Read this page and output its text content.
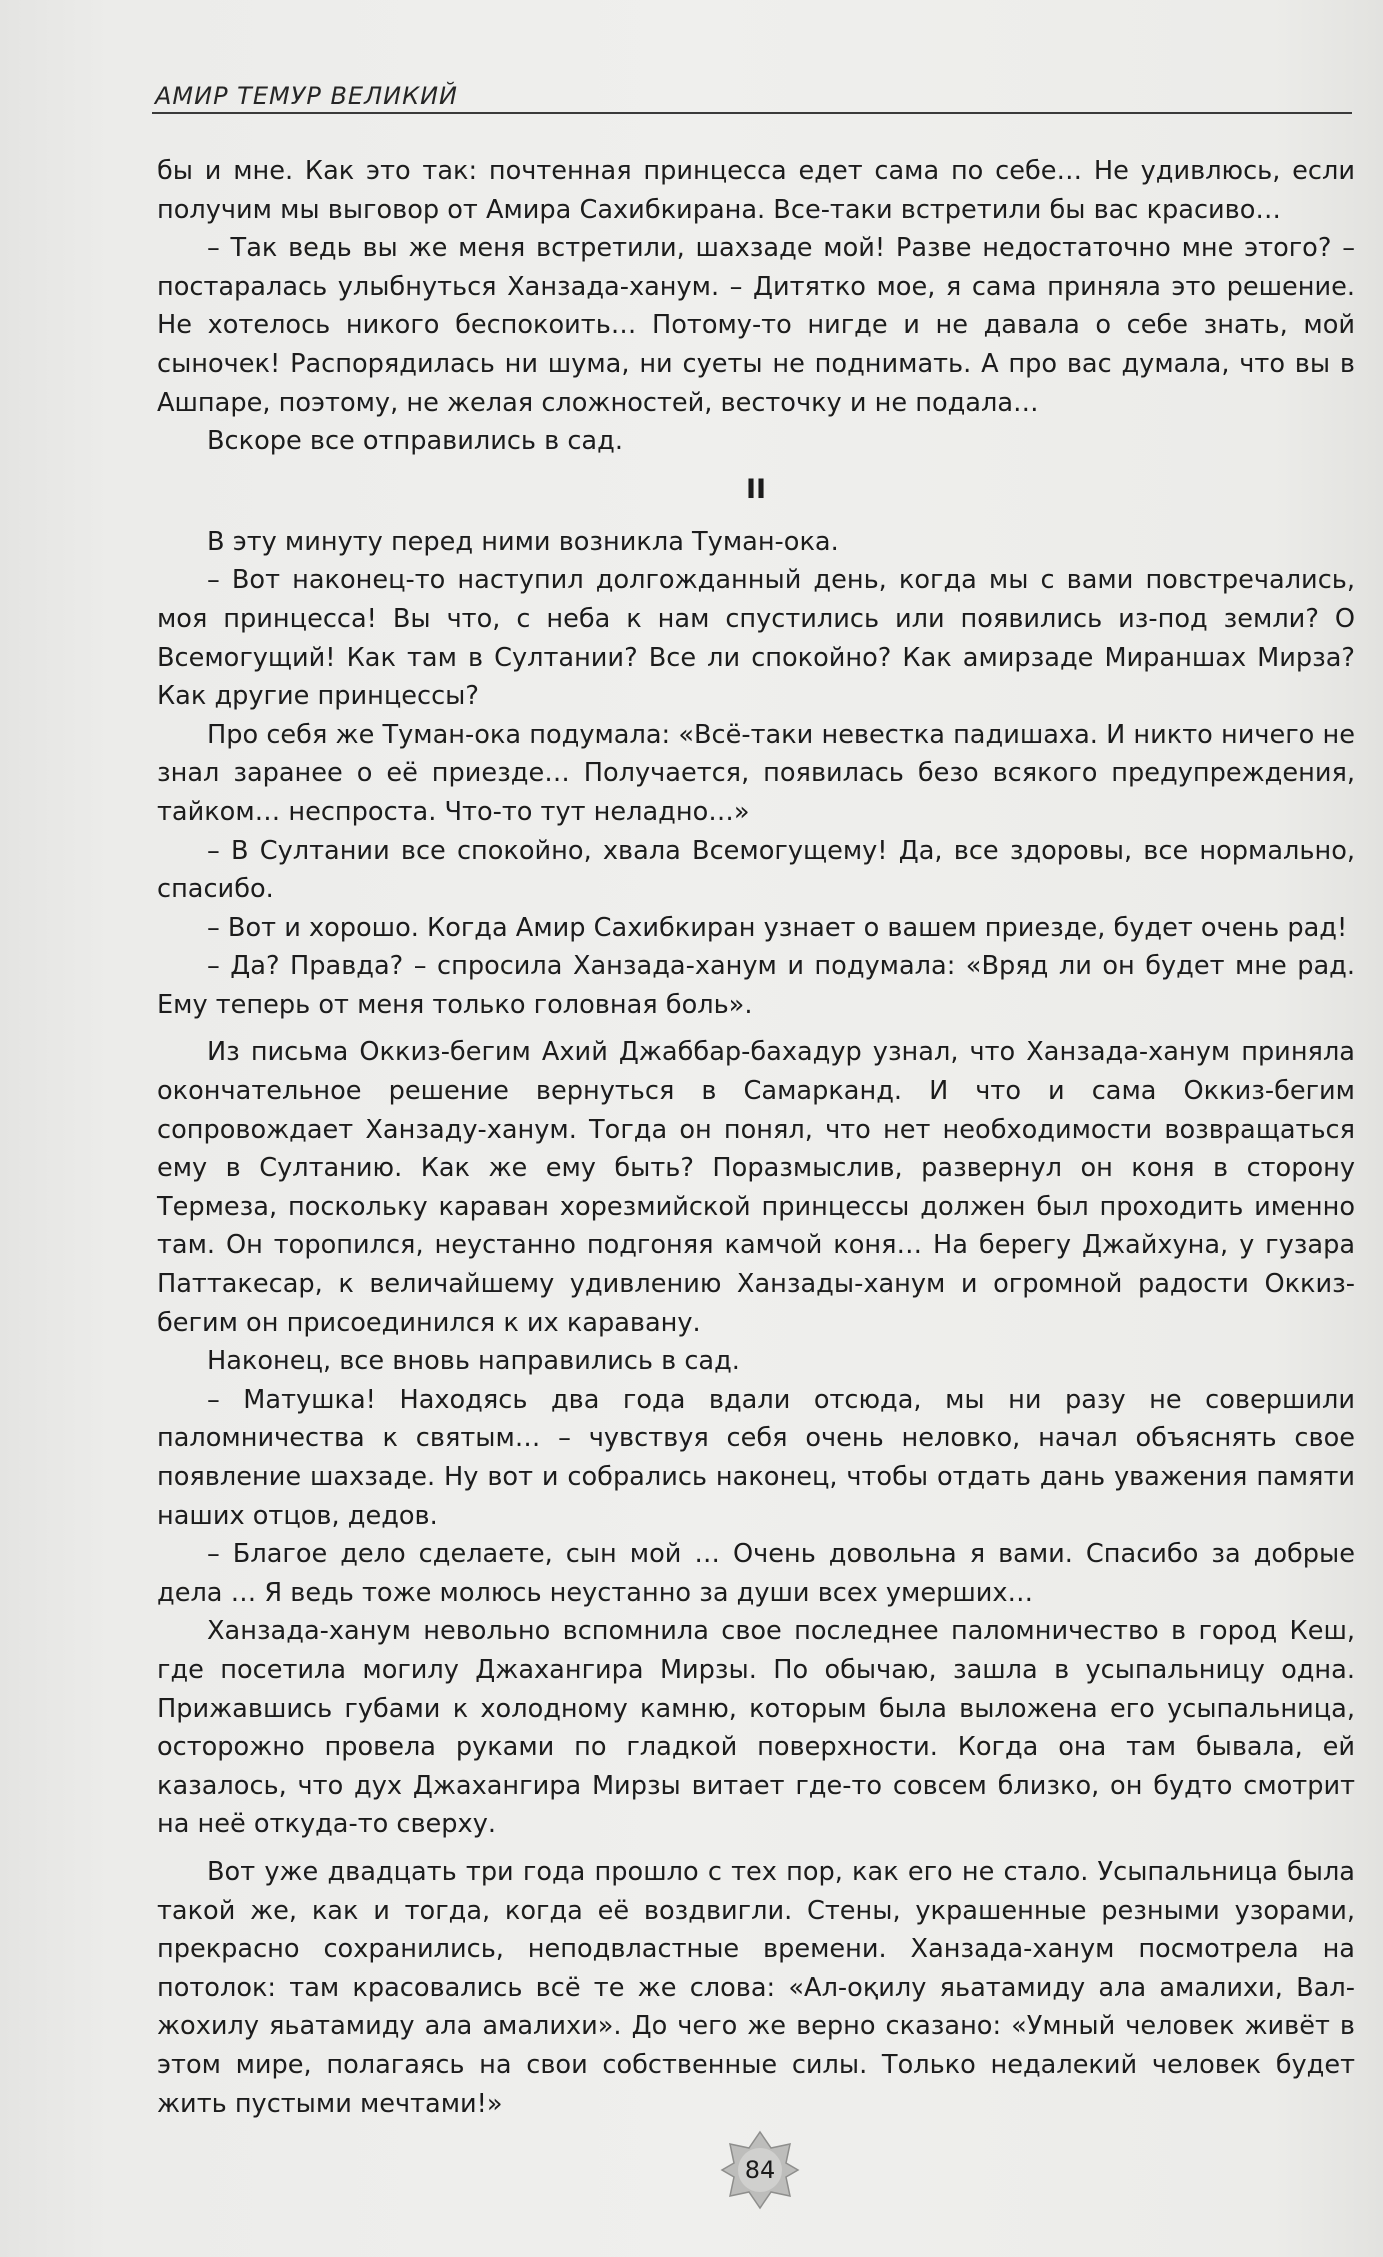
АМИР ТЕМУР ВЕЛИКИЙ

бы и мне. Как это так: почтенная принцесса едет сама по себе… Не удивлюсь, если получим мы выговор от Амира Сахибкирана. Все-таки встретили бы вас красиво…

– Так ведь вы же меня встретили, шахзаде мой! Разве недостаточно мне этого? – постаралась улыбнуться Ханзада-ханум. – Дитятко мое, я сама приняла это решение. Не хотелось никого беспокоить… Потому-то нигде и не давала о себе знать, мой сыночек! Распорядилась ни шума, ни суеты не поднимать. А про вас думала, что вы в Ашпаре, поэтому, не желая сложностей, весточку и не подала…

Вскоре все отправились в сад.

II

В эту минуту перед ними возникла Туман-ока.

– Вот наконец-то наступил долгожданный день, когда мы с вами повстречались, моя принцесса! Вы что, с неба к нам спустились или появились из-под земли? О Всемогущий! Как там в Султании? Все ли спокойно? Как амирзаде Мираншах Мирза? Как другие принцессы?

Про себя же Туман-ока подумала: «Всё-таки невестка падишаха. И никто ничего не знал заранее о её приезде… Получается, появилась безо всякого предупреждения, тайком… неспроста. Что-то тут неладно…»

– В Султании все спокойно, хвала Всемогущему! Да, все здоровы, все нормально, спасибо.

– Вот и хорошо. Когда Амир Сахибкиран узнает о вашем приезде, будет очень рад!

– Да? Правда? – спросила Ханзада-ханум и подумала: «Вряд ли он будет мне рад. Ему теперь от меня только головная боль».

Из письма Оккиз-бегим Ахий Джаббар-бахадур узнал, что Ханзада-ханум приняла окончательное решение вернуться в Самарканд. И что и сама Оккиз-бегим сопровождает Ханзаду-ханум. Тогда он понял, что нет необходимости возвращаться ему в Султанию. Как же ему быть? Поразмыслив, развернул он коня в сторону Термеза, поскольку караван хорезмийской принцессы должен был проходить именно там. Он торопился, неустанно подгоняя камчой коня… На берегу Джайхуна, у гузара Паттакесар, к величайшему удивлению Ханзады-ханум и огромной радости Оккиз-бегим он присоединился к их каравану.

Наконец, все вновь направились в сад.

– Матушка! Находясь два года вдали отсюда, мы ни разу не совершили паломничества к святым… – чувствуя себя очень неловко, начал объяснять свое появление шахзаде. Ну вот и собрались наконец, чтобы отдать дань уважения памяти наших отцов, дедов.

– Благое дело сделаете, сын мой … Очень довольна я вами. Спасибо за добрые дела … Я ведь тоже молюсь неустанно за души всех умерших…

Ханзада-ханум невольно вспомнила свое последнее паломничество в город Кеш, где посетила могилу Джахангира Мирзы. По обычаю, зашла в усыпальницу одна. Прижавшись губами к холодному камню, которым была выложена его усыпальница, осторожно провела руками по гладкой поверхности. Когда она там бывала, ей казалось, что дух Джахангира Мирзы витает где-то совсем близко, он будто смотрит на неё откуда-то сверху.

Вот уже двадцать три года прошло с тех пор, как его не стало. Усыпальница была такой же, как и тогда, когда её воздвигли. Стены, украшенные резными узорами, прекрасно сохранились, неподвластные времени. Ханзада-ханум посмотрела на потолок: там красовались всё те же слова: «Ал-оқилу яьатамиду ала амалихи, Вал-жохилу яьатамиду ала амалихи». До чего же верно сказано: «Умный человек живёт в этом мире, полагаясь на свои собственные силы. Только недалекий человек будет жить пустыми мечтами!»

84
